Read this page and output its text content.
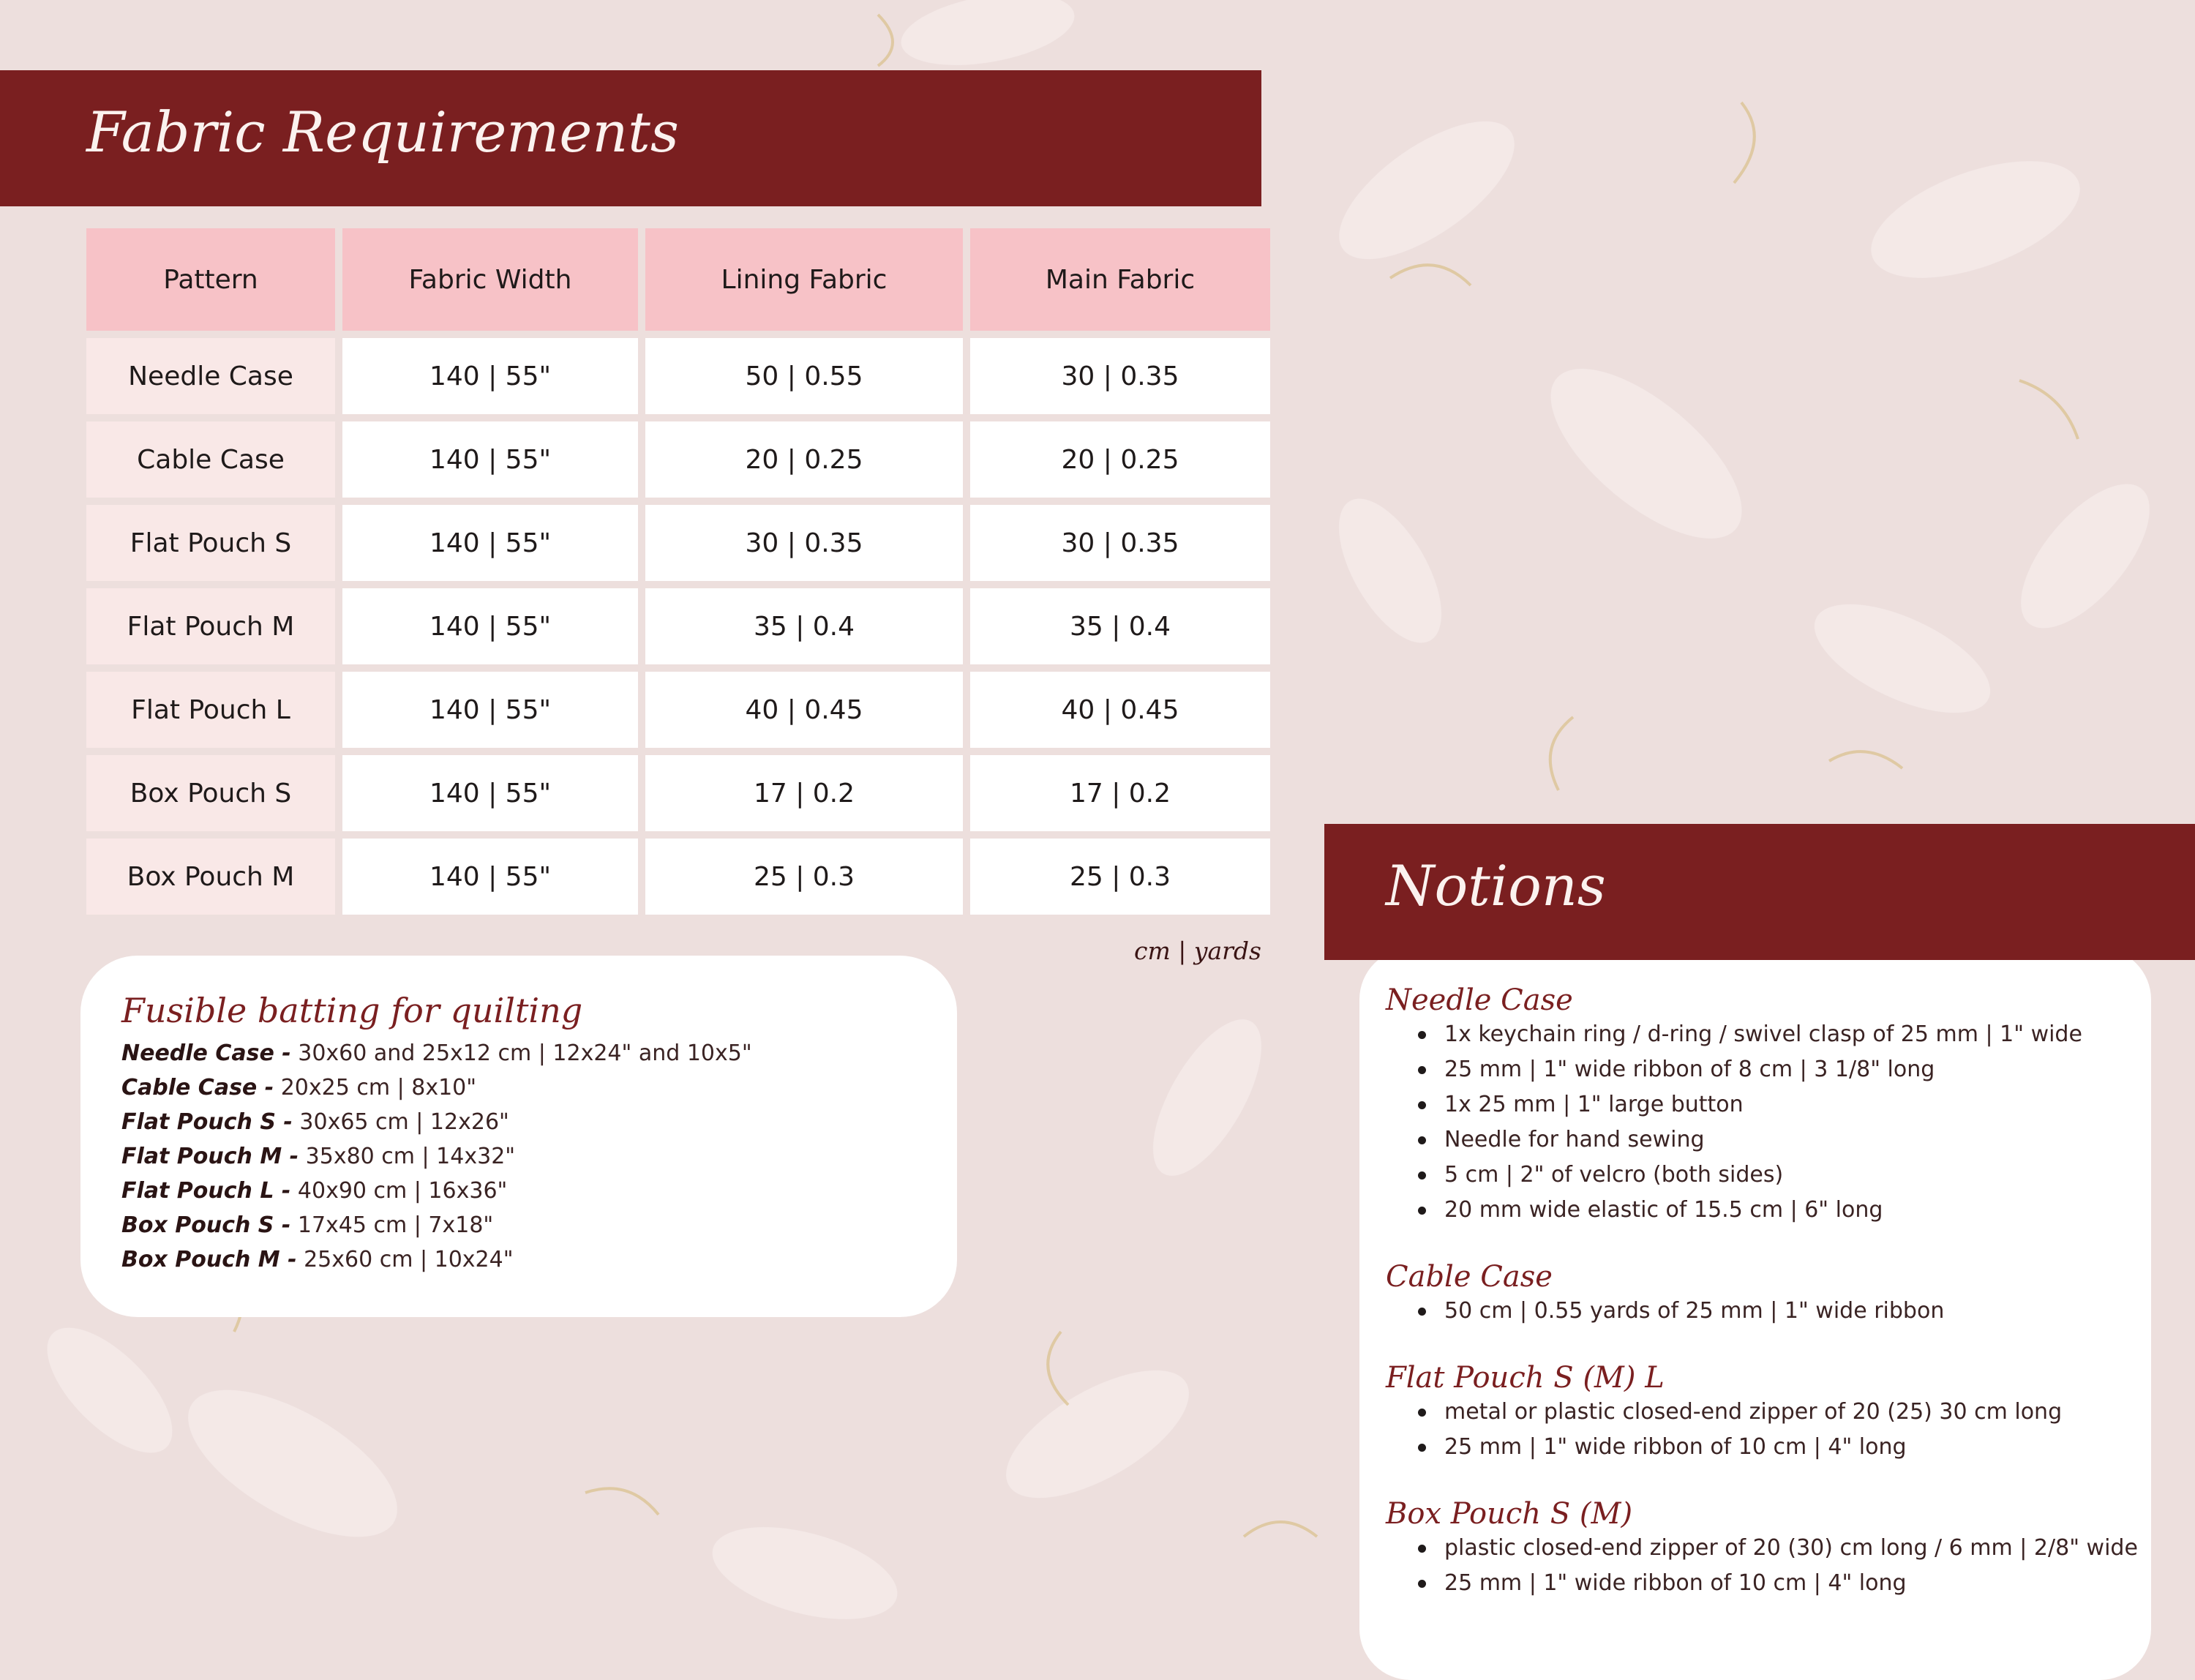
Fabric Requirements
Pattern	Fabric Width	Lining Fabric	Main Fabric
Needle Case	140 | 55"	50 | 0.55	30 | 0.35
Cable Case	140 | 55"	20 | 0.25	20 | 0.25
Flat Pouch S	140 | 55"	30 | 0.35	30 | 0.35
Flat Pouch M	140 | 55"	35 | 0.4	35 | 0.4
Flat Pouch L	140 | 55"	40 | 0.45	40 | 0.45
Box Pouch S	140 | 55"	17 | 0.2	17 | 0.2
Box Pouch M	140 | 55"	25 | 0.3	25 | 0.3
cm | yards
Fusible batting for quilting
Needle Case - 30x60 and 25x12 cm | 12x24" and 10x5"
Cable Case - 20x25 cm | 8x10"
Flat Pouch S - 30x65 cm | 12x26"
Flat Pouch M - 35x80 cm | 14x32"
Flat Pouch L - 40x90 cm | 16x36"
Box Pouch S - 17x45 cm | 7x18"
Box Pouch M - 25x60 cm | 10x24"
Needle Case
1x keychain ring / d-ring / swivel clasp of 25 mm | 1" wide
25 mm | 1" wide ribbon of 8 cm | 3 1/8" long
1x 25 mm | 1" large button
Needle for hand sewing
5 cm | 2" of velcro (both sides)
20 mm wide elastic of 15.5 cm | 6" long
Cable Case
50 cm | 0.55 yards of 25 mm | 1" wide ribbon
Flat Pouch S (M) L
metal or plastic closed-end zipper of 20 (25) 30 cm long
25 mm | 1" wide ribbon of 10 cm | 4" long
Box Pouch S (M)
plastic closed-end zipper of 20 (30) cm long / 6 mm | 2/8" wide
25 mm | 1" wide ribbon of 10 cm | 4" long
Notions
